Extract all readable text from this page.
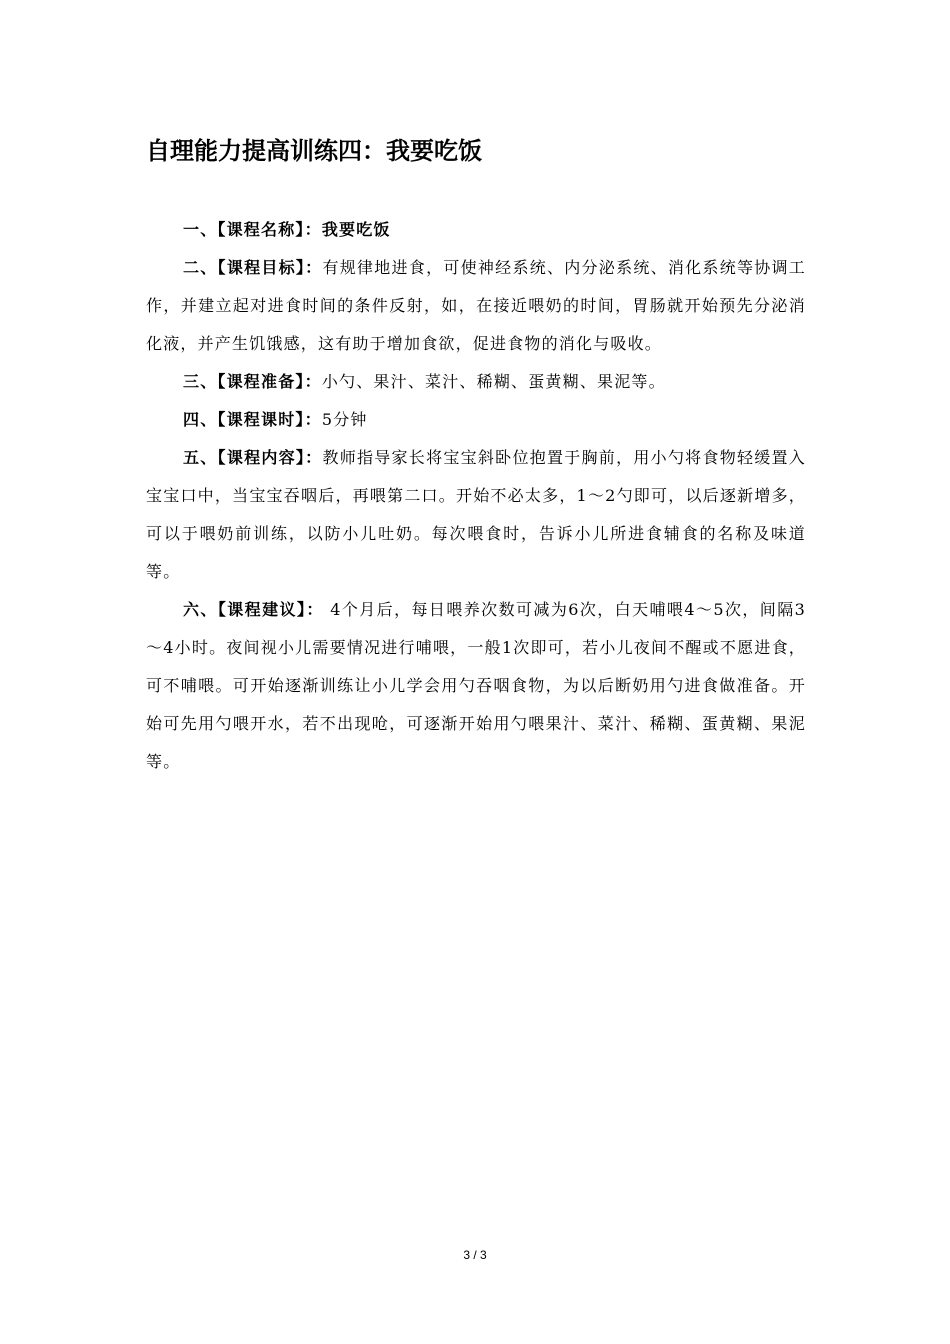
自理能力提高训练四：我要吃饭

一、【课程名称】：我要吃饭

二、【课程目标】：有规律地进食，可使神经系统、内分泌系统、消化系统等协调工作，并建立起对进食时间的条件反射，如，在接近喂奶的时间，胃肠就开始预先分泌消化液，并产生饥饿感，这有助于增加食欲，促进食物的消化与吸收。

三、【课程准备】：小勺、果汁、菜汁、稀糊、蛋黄糊、果泥等。

四、【课程课时】：5分钟

五、【课程内容】：教师指导家长将宝宝斜卧位抱置于胸前，用小勺将食物轻缓置入宝宝口中，当宝宝吞咽后，再喂第二口。开始不必太多，1～2勺即可，以后逐新增多，可以于喂奶前训练，以防小儿吐奶。每次喂食时，告诉小儿所进食辅食的名称及味道等。

六、【课程建议】： 4个月后，每日喂养次数可减为6次，白天哺喂4～5次，间隔3～4小时。夜间视小儿需要情况进行哺喂，一般1次即可，若小儿夜间不醒或不愿进食，可不哺喂。可开始逐渐训练让小儿学会用勺吞咽食物，为以后断奶用勺进食做准备。开始可先用勺喂开水，若不出现呛，可逐渐开始用勺喂果汁、菜汁、稀糊、蛋黄糊、果泥等。

3 / 3
